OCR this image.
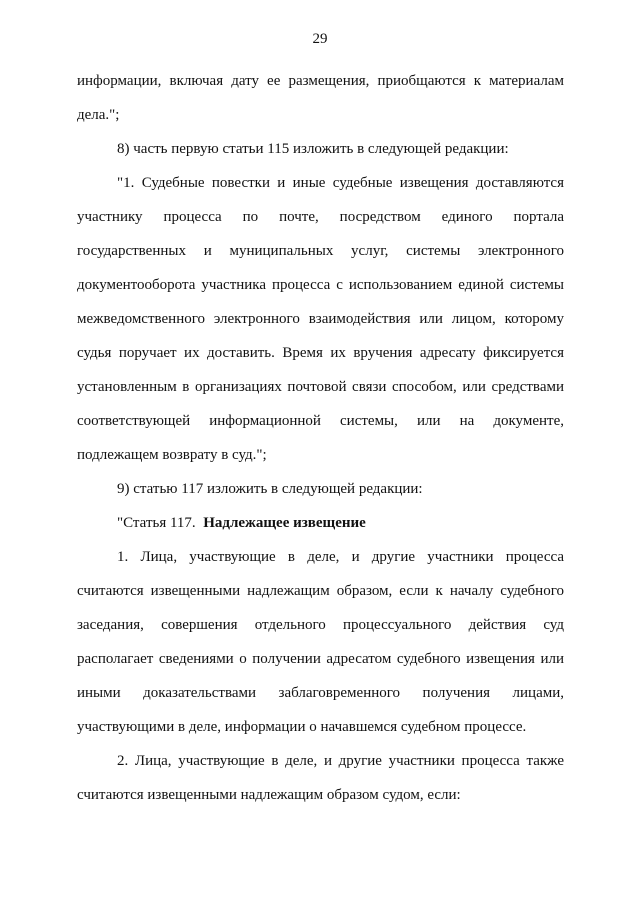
29

информации, включая дату ее размещения, приобщаются к материалам дела.";

8) часть первую статьи 115 изложить в следующей редакции:

"1. Судебные повестки и иные судебные извещения доставляются участнику процесса по почте, посредством единого портала государственных и муниципальных услуг, системы электронного документооборота участника процесса с использованием единой системы межведомственного электронного взаимодействия или лицом, которому судья поручает их доставить. Время их вручения адресату фиксируется установленным в организациях почтовой связи способом, или средствами соответствующей информационной системы, или на документе, подлежащем возврату в суд.";

9) статью 117 изложить в следующей редакции:

"Статья 117. Надлежащее извещение

1. Лица, участвующие в деле, и другие участники процесса считаются извещенными надлежащим образом, если к началу судебного заседания, совершения отдельного процессуального действия суд располагает сведениями о получении адресатом судебного извещения или иными доказательствами заблаговременного получения лицами, участвующими в деле, информации о начавшемся судебном процессе.

2. Лица, участвующие в деле, и другие участники процесса также считаются извещенными надлежащим образом судом, если:
